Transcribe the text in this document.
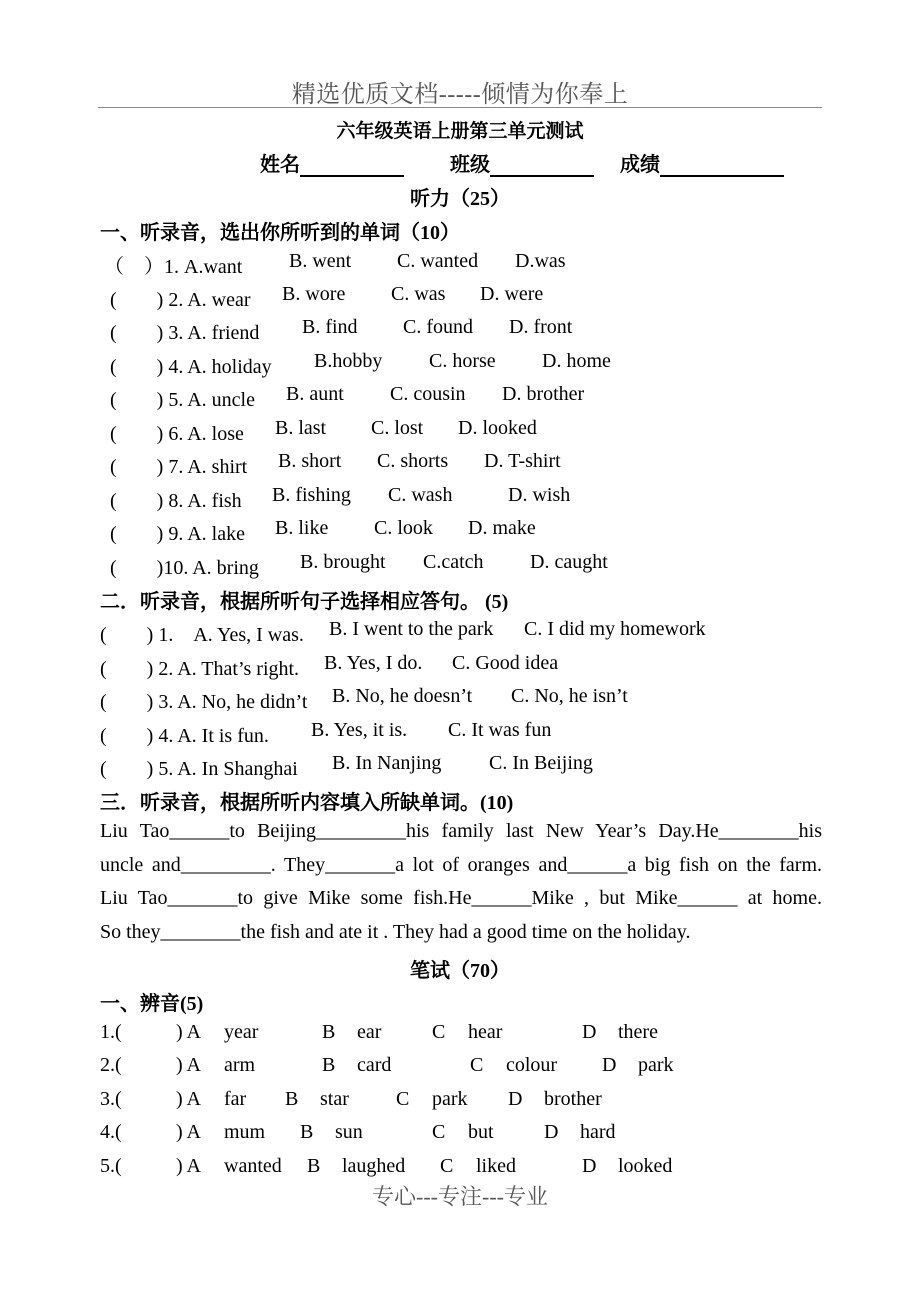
精选优质文档-----倾情为你奉上
六年级英语上册第三单元测试
姓名	班级	成绩
听力（25）
一、听录音，选出你所听到的单词（10）
（　）1. A.want B. went C. wanted D.was
(　　) 2. A. wear B. wore C. was D. were
(　　) 3. A. friend B. find C. found D. front
(　　) 4. A. holiday B.hobby C. horse D. home
(　　) 5. A. uncle B. aunt C. cousin D. brother
(　　) 6. A. lose B. last C. lost D. looked
(　　) 7. A. shirt B. short C. shorts D. T-shirt
(　　) 8. A. fish B. fishing C. wash	D. wish
(　　) 9. A. lake B. like C. look D. make
(　　)10. A. bring B. brought C.catch D. caught
二．听录音，根据所听句子选择相应答句。 (5)
(　　) 1.　A. Yes, I was. B. I went to the park C. I did my homework
(　　) 2. A. That’s right. B. Yes, I do. C. Good idea
(　　) 3. A. No, he didn’t B. No, he doesn’t C. No, he isn’t
(　　) 4. A. It is fun. B. Yes, it is. C. It was fun
(　　) 5. A. In Shanghai B. In Nanjing C. In Beijing
三．听录音，根据所听内容填入所缺单词。(10)
Liu Tao______to Beijing_________his family last New Year’s Day.He________his
uncle and_________. They_______a lot of oranges and______a big fish on the farm.
Liu Tao_______to give Mike some fish.He______Mike , but Mike______ at home.
So they________the fish and ate it . They had a good time on the holiday.
笔试（70）
一、辨音(5)
1.(	) A year	B ear	C hear	D there
2.(	) A arm	B card	C colour D park
3.(	) A far B star C park D brother
4.(	) A mum B sun	C but	D hard
5.(	) A wanted B laughed C liked	D looked
专心---专注---专业
